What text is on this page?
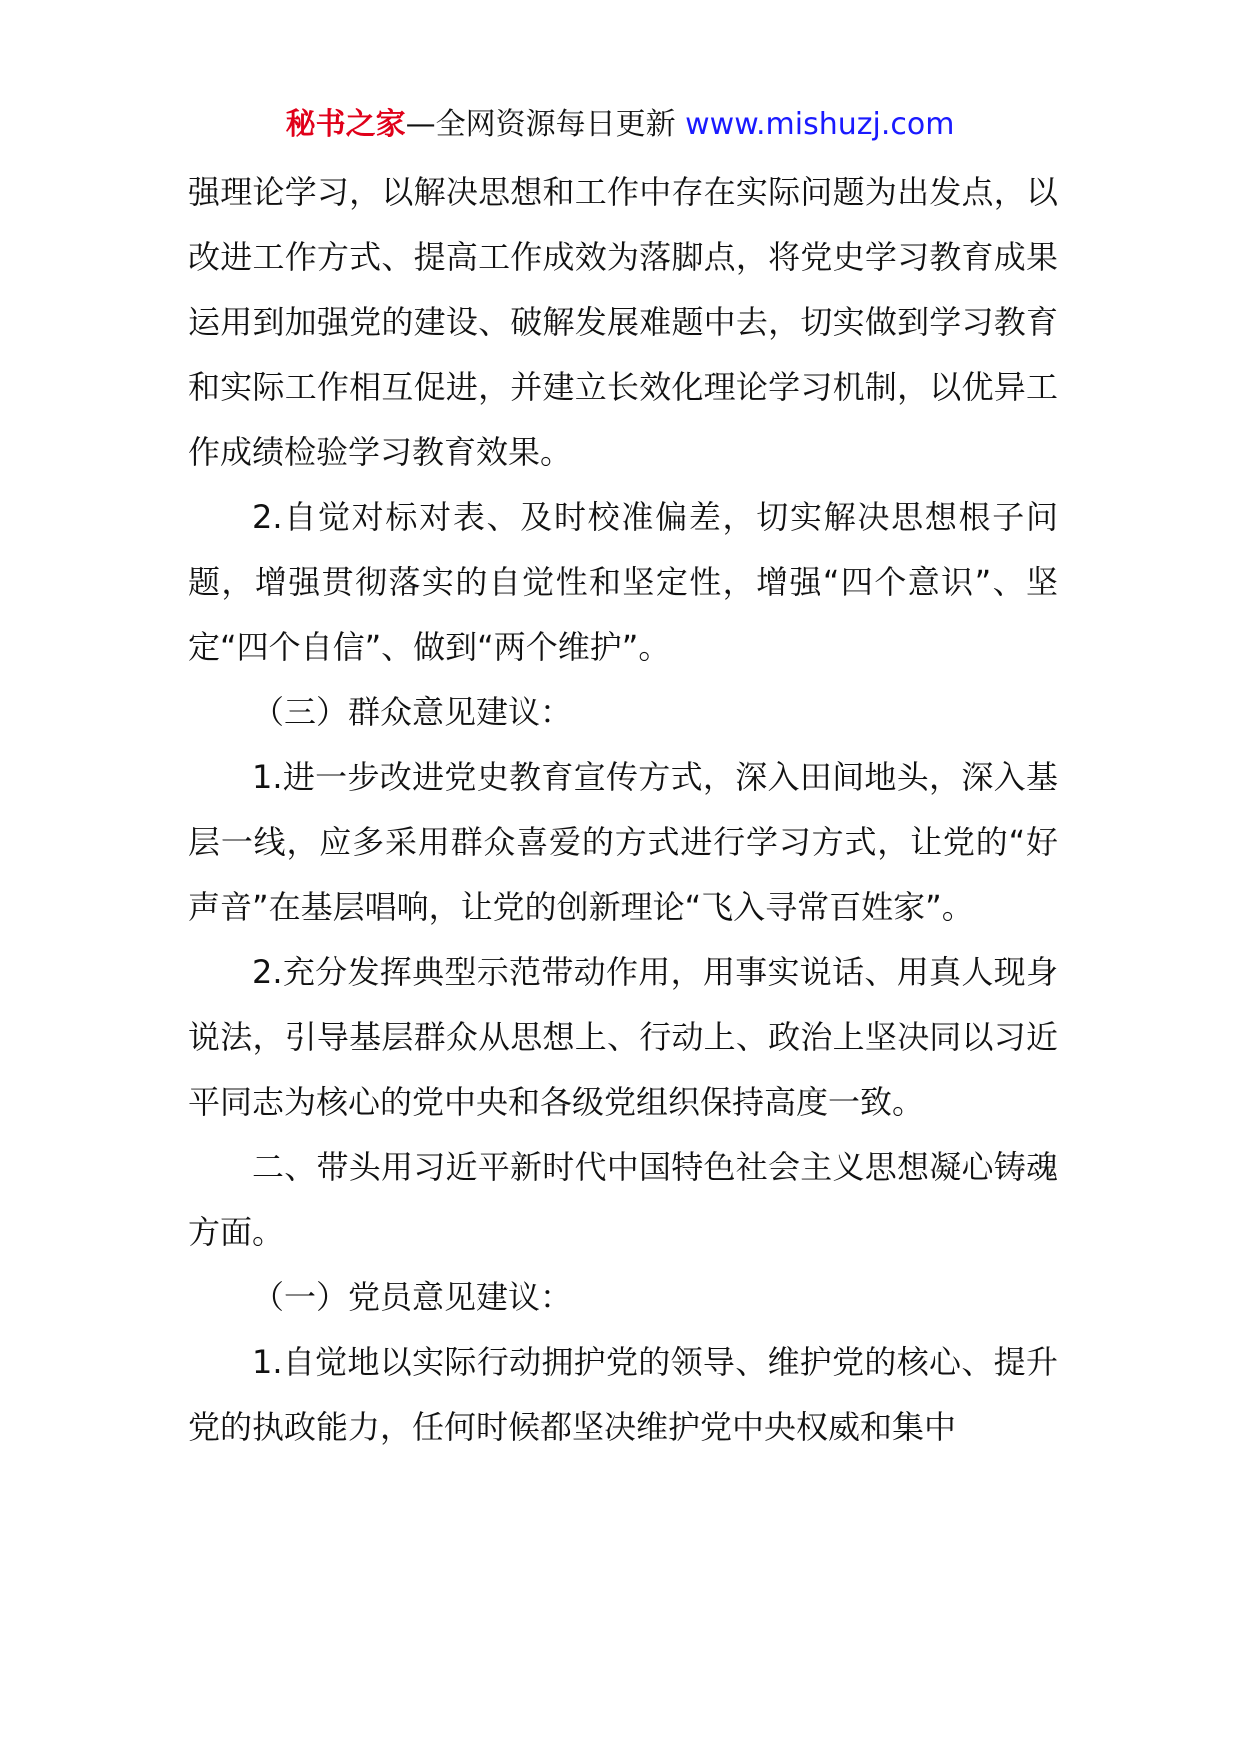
秘书之家—全网资源每日更新 www.mishuzj.com

强理论学习，以解决思想和工作中存在实际问题为出发点，以改进工作方式、提高工作成效为落脚点，将党史学习教育成果运用到加强党的建设、破解发展难题中去，切实做到学习教育和实际工作相互促进，并建立长效化理论学习机制，以优异工作成绩检验学习教育效果。

2.自觉对标对表、及时校准偏差，切实解决思想根子问题，增强贯彻落实的自觉性和坚定性，增强“四个意识”、坚定“四个自信”、做到“两个维护”。

（三）群众意见建议：

1.进一步改进党史教育宣传方式，深入田间地头，深入基层一线，应多采用群众喜爱的方式进行学习方式，让党的“好声音”在基层唱响，让党的创新理论“飞入寻常百姓家”。

2.充分发挥典型示范带动作用，用事实说话、用真人现身说法，引导基层群众从思想上、行动上、政治上坚决同以习近平同志为核心的党中央和各级党组织保持高度一致。

二、带头用习近平新时代中国特色社会主义思想凝心铸魂方面。

（一）党员意见建议：

1.自觉地以实际行动拥护党的领导、维护党的核心、提升党的执政能力，任何时候都坚决维护党中央权威和集中
